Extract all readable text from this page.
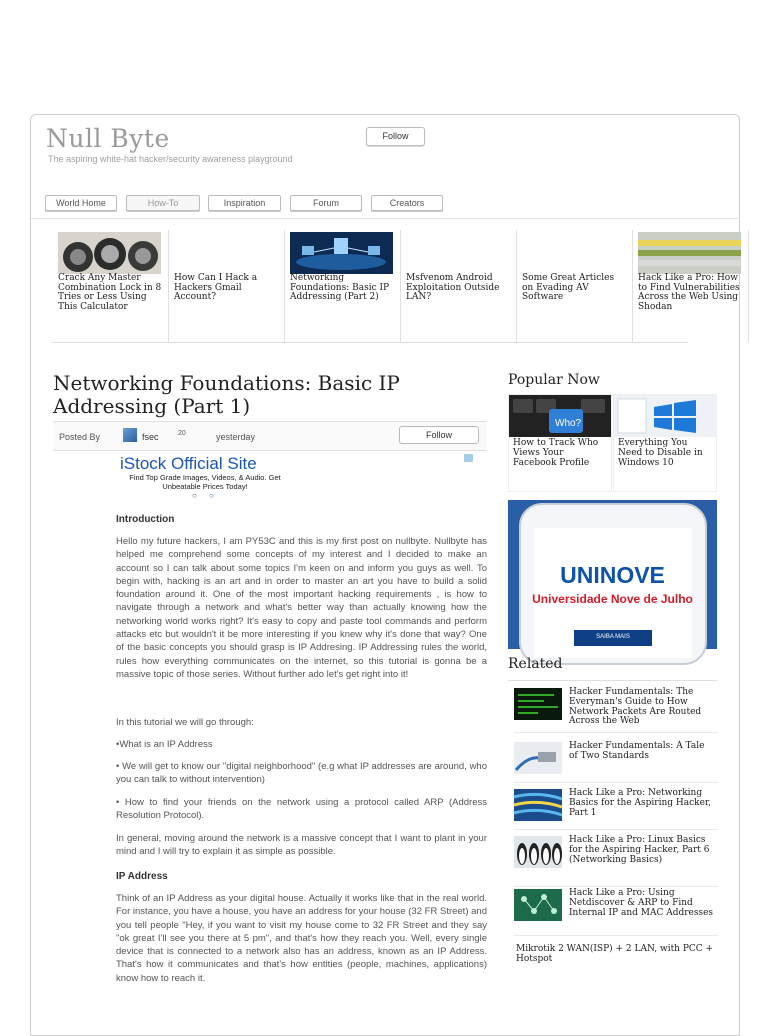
Null Byte
The aspiring white-hat hacker/security awareness playground
Follow
World Home	How-To	Inspiration	Forum	Creators
Crack Any Master Combination Lock in 8 Tries or Less Using This Calculator
How Can I Hack a Hackers Gmail Account?
Networking Foundations: Basic IP Addressing (Part 2)
Msfvenom Android Exploitation Outside LAN?
Some Great Articles on Evading AV Software
Hack Like a Pro: How to Find Vulnerabilities Across the Web Using Shodan
Networking Foundations: Basic IP Addressing (Part 1)
Posted By	fsec	20	yesterday	Follow
iStock Official Site
Find Top Grade Images, Videos, & Audio. Get Unbeatable Prices Today!
○ ○
Introduction
Hello my future hackers, I am PY53C and this is my first post on nullbyte. Nullbyte has helped me comprehend some concepts of my interest and I decided to make an account so I can talk about some topics I'm keen on and inform you guys as well. To begin with, hacking is an art and in order to master an art you have to build a solid foundation around it. One of the most important hacking requirements , is how to navigate through a network and what's better way than actually knowing how the networking world works right? It's easy to copy and paste tool commands and perform attacks etc but wouldn't it be more interesting if you knew why it's done that way? One of the basic concepts you should grasp is IP Addresing. IP Addressing rules the world, rules how everything communicates on the internet, so this tutorial is gonna be a massive topic of those series. Without further ado let's get right into it!
In this tutorial we will go through:
•What is an IP Address
• We will get to know our "digital neighborhood" (e.g what IP addresses are around, who you can talk to without intervention)
• How to find your friends on the network using a protocol called ARP (Address Resolution Protocol).
In general, moving around the network is a massive concept that I want to plant in your mind and I will try to explain it as simple as possible.
IP Address
Think of an IP Address as your digital house. Actually it works like that in the real world. For instance, you have a house, you have an address for your house (32 FR Street) and you tell people "Hey, if you want to visit my house come to 32 FR Street and they say "ok great I'll see you there at 5 pm", and that's how they reach you. Well, every single device that is connected to a network also has an address, known as an IP Address. That's how it communicates and that's how entities (people, machines, applications) know how to reach it.
Popular Now
Who?
How to Track Who Views Your Facebook Profile
Everything You Need to Disable in Windows 10
UNINOVE
Universidade Nove de Julho
SAIBA MAIS
Related
Hacker Fundamentals: The Everyman's Guide to How Network Packets Are Routed Across the Web
Hacker Fundamentals: A Tale of Two Standards
Hack Like a Pro: Networking Basics for the Aspiring Hacker, Part 1
Hack Like a Pro: Linux Basics for the Aspiring Hacker, Part 6 (Networking Basics)
Hack Like a Pro: Using Netdiscover & ARP to Find Internal IP and MAC Addresses
Mikrotik 2 WAN(ISP) + 2 LAN, with PCC + Hotspot
